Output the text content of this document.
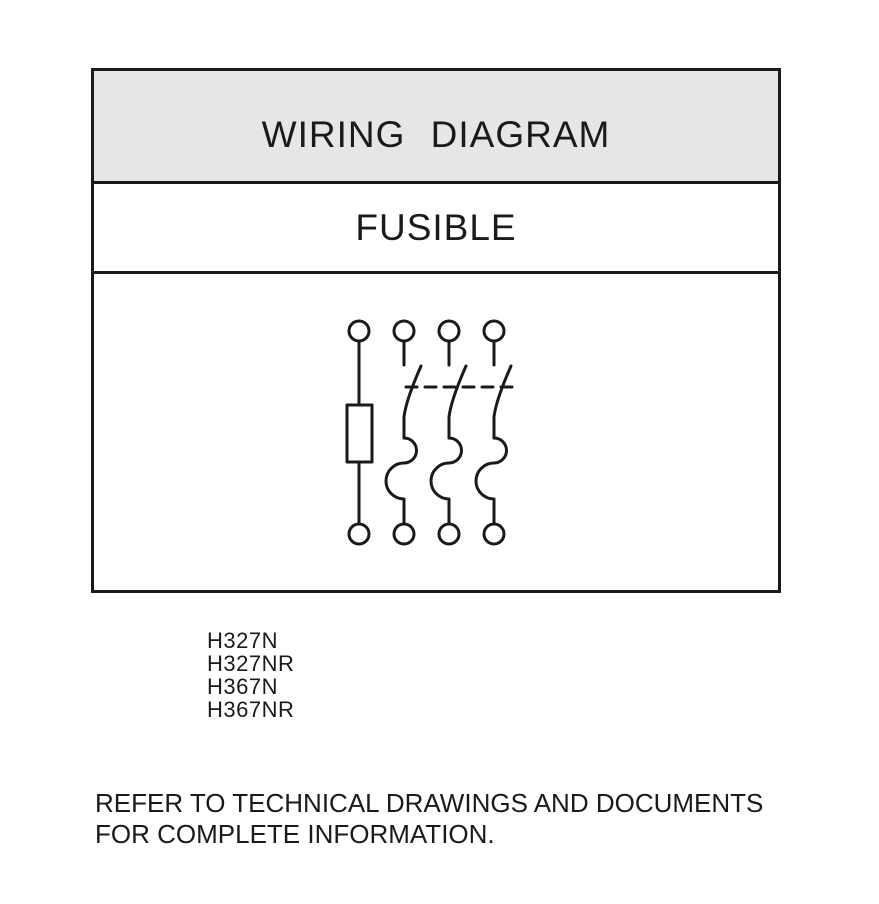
WIRING DIAGRAM
FUSIBLE
H327N
H327NR
H367N
H367NR
REFER TO TECHNICAL DRAWINGS AND DOCUMENTS FOR COMPLETE INFORMATION.
